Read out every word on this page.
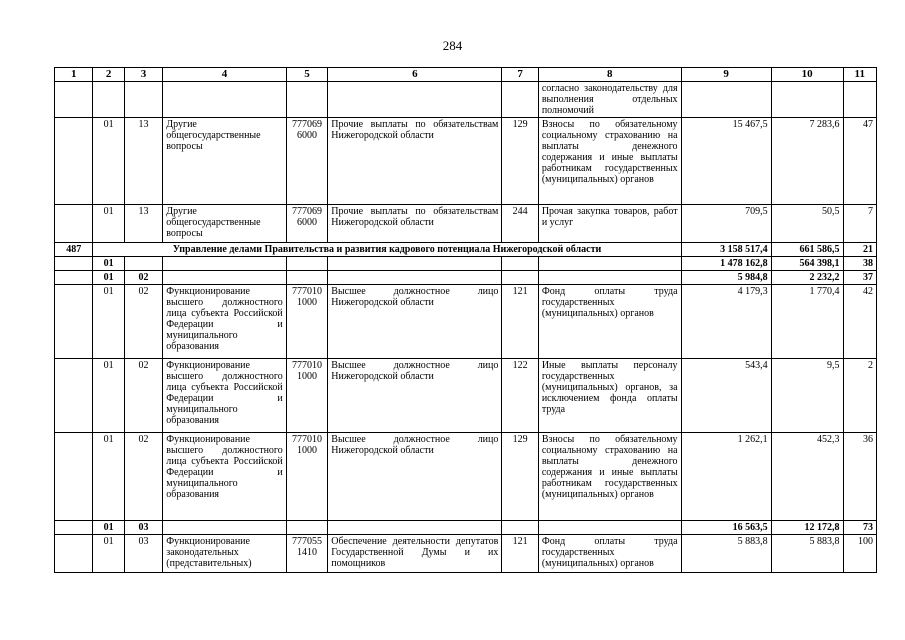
284
1	2	3	4	5	6	7	8	9	10	11
							согласно законодательству для выполнения отдельных полномочий			
	01	13	Другие общегосударственные вопросы	777069 6000	Прочие выплаты по обязательствам Нижегородской области	129	Взносы по обязательному социальному страхованию на выплаты денежного содержания и иные выплаты работникам государственных (муниципальных) органов	15 467,5	7 283,6	47
	01	13	Другие общегосударственные вопросы	777069 6000	Прочие выплаты по обязательствам Нижегородской области	244	Прочая закупка товаров, работ и услуг	709,5	50,5	7
487	Управление делами Правительства и развития кадрового потенциала Нижегородской области							3 158 517,4	661 586,5	21
	01							1 478 162,8	564 398,1	38
	01	02						5 984,8	2 232,2	37
	01	02	Функционирование высшего должностного лица субъекта Российской Федерации и муниципального образования	777010 1000	Высшее должностное лицо Нижегородской области	121	Фонд оплаты труда государственных (муниципальных) органов	4 179,3	1 770,4	42
	01	02	Функционирование высшего должностного лица субъекта Российской Федерации и муниципального образования	777010 1000	Высшее должностное лицо Нижегородской области	122	Иные выплаты персоналу государственных (муниципальных) органов, за исключением фонда оплаты труда	543,4	9,5	2
	01	02	Функционирование высшего должностного лица субъекта Российской Федерации и муниципального образования	777010 1000	Высшее должностное лицо Нижегородской области	129	Взносы по обязательному социальному страхованию на выплаты денежного содержания и иные выплаты работникам государственных (муниципальных) органов	1 262,1	452,3	36
	01	03						16 563,5	12 172,8	73
	01	03	Функционирование законодательных (представительных)	777055 1410	Обеспечение деятельности депутатов Государственной Думы и их помощников	121	Фонд оплаты труда государственных (муниципальных) органов	5 883,8	5 883,8	100
